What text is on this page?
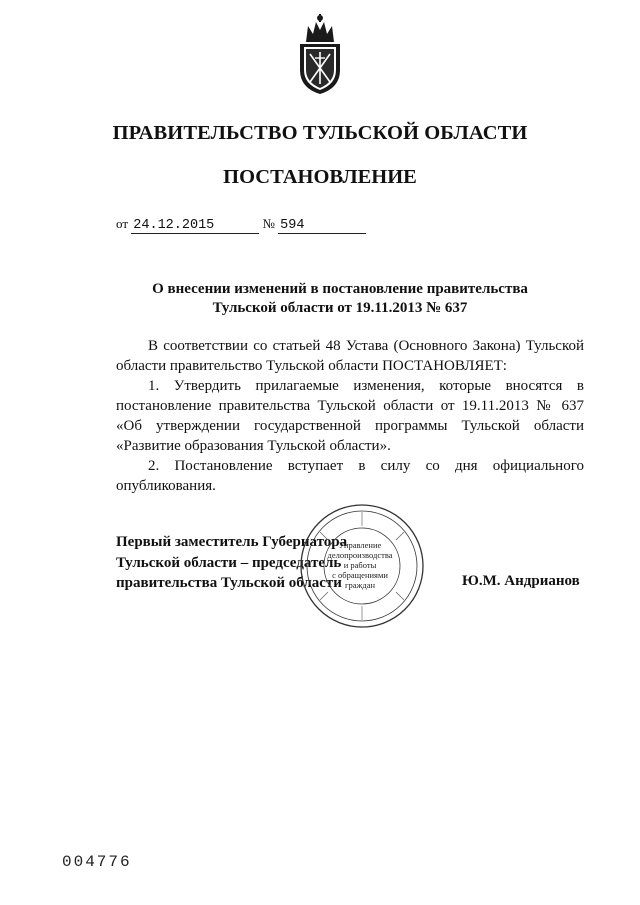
ПРАВИТЕЛЬСТВО ТУЛЬСКОЙ ОБЛАСТИ
ПОСТАНОВЛЕНИЕ
от 24.12.2015	№ 594
О внесении изменений в постановление правительства
Тульской области от 19.11.2013 № 637

В соответствии со статьей 48 Устава (Основного Закона) Тульской области правительство Тульской области ПОСТАНОВЛЯЕТ:

1. Утвердить прилагаемые изменения, которые вносятся в постановление правительства Тульской области от 19.11.2013 № 637 «Об утверждении государственной программы Тульской области «Развитие образования Тульской области».

2. Постановление вступает в силу со дня официального опубликования.

Первый заместитель Губернатора
Тульской области – председатель
правительства Тульской области
Управление
делопроизводства
и работы
с обращениями
граждан	Ю.М. Андрианов
004776
